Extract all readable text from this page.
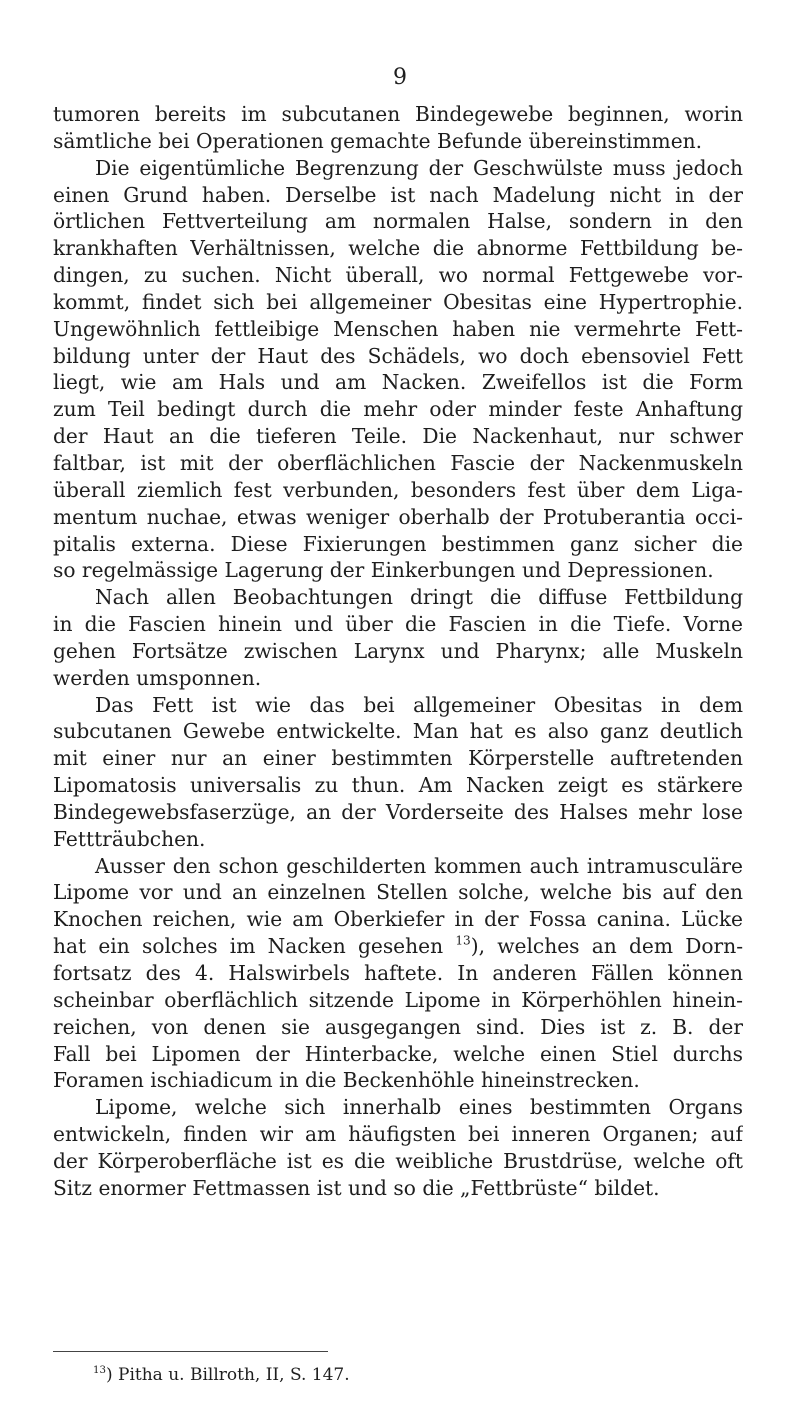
9
tumoren bereits im subcutanen Bindegewebe beginnen, worin
sämtliche bei Operationen gemachte Befunde übereinstimmen.
Die eigentümliche Begrenzung der Geschwülste muss jedoch
einen Grund haben. Derselbe ist nach Madelung nicht in der
örtlichen Fettverteilung am normalen Halse, sondern in den
krankhaften Verhältnissen, welche die abnorme Fettbildung be-
dingen, zu suchen. Nicht überall, wo normal Fettgewebe vor-
kommt, findet sich bei allgemeiner Obesitas eine Hypertrophie.
Ungewöhnlich fettleibige Menschen haben nie vermehrte Fett-
bildung unter der Haut des Schädels, wo doch ebensoviel Fett
liegt, wie am Hals und am Nacken. Zweifellos ist die Form
zum Teil bedingt durch die mehr oder minder feste Anhaftung
der Haut an die tieferen Teile. Die Nackenhaut, nur schwer
faltbar, ist mit der oberflächlichen Fascie der Nackenmuskeln
überall ziemlich fest verbunden, besonders fest über dem Liga-
mentum nuchae, etwas weniger oberhalb der Protuberantia occi-
pitalis externa. Diese Fixierungen bestimmen ganz sicher die
so regelmässige Lagerung der Einkerbungen und Depressionen.
Nach allen Beobachtungen dringt die diffuse Fettbildung
in die Fascien hinein und über die Fascien in die Tiefe. Vorne
gehen Fortsätze zwischen Larynx und Pharynx; alle Muskeln
werden umsponnen.
Das Fett ist wie das bei allgemeiner Obesitas in dem
subcutanen Gewebe entwickelte. Man hat es also ganz deutlich
mit einer nur an einer bestimmten Körperstelle auftretenden
Lipomatosis universalis zu thun. Am Nacken zeigt es stärkere
Bindegewebsfaserzüge, an der Vorderseite des Halses mehr lose
Fettträubchen.
Ausser den schon geschilderten kommen auch intramusculäre
Lipome vor und an einzelnen Stellen solche, welche bis auf den
Knochen reichen, wie am Oberkiefer in der Fossa canina. Lücke
hat ein solches im Nacken gesehen $^{13}$), welches an dem Dorn-
fortsatz des 4. Halswirbels haftete. In anderen Fällen können
scheinbar oberflächlich sitzende Lipome in Körperhöhlen hinein-
reichen, von denen sie ausgegangen sind. Dies ist z. B. der
Fall bei Lipomen der Hinterbacke, welche einen Stiel durchs
Foramen ischiadicum in die Beckenhöhle hineinstrecken.
Lipome, welche sich innerhalb eines bestimmten Organs
entwickeln, finden wir am häufigsten bei inneren Organen; auf
der Körperoberfläche ist es die weibliche Brustdrüse, welche oft
Sitz enormer Fettmassen ist und so die „Fettbrüste“ bildet.
$^{13}$) Pitha u. Billroth, II, S. 147.
